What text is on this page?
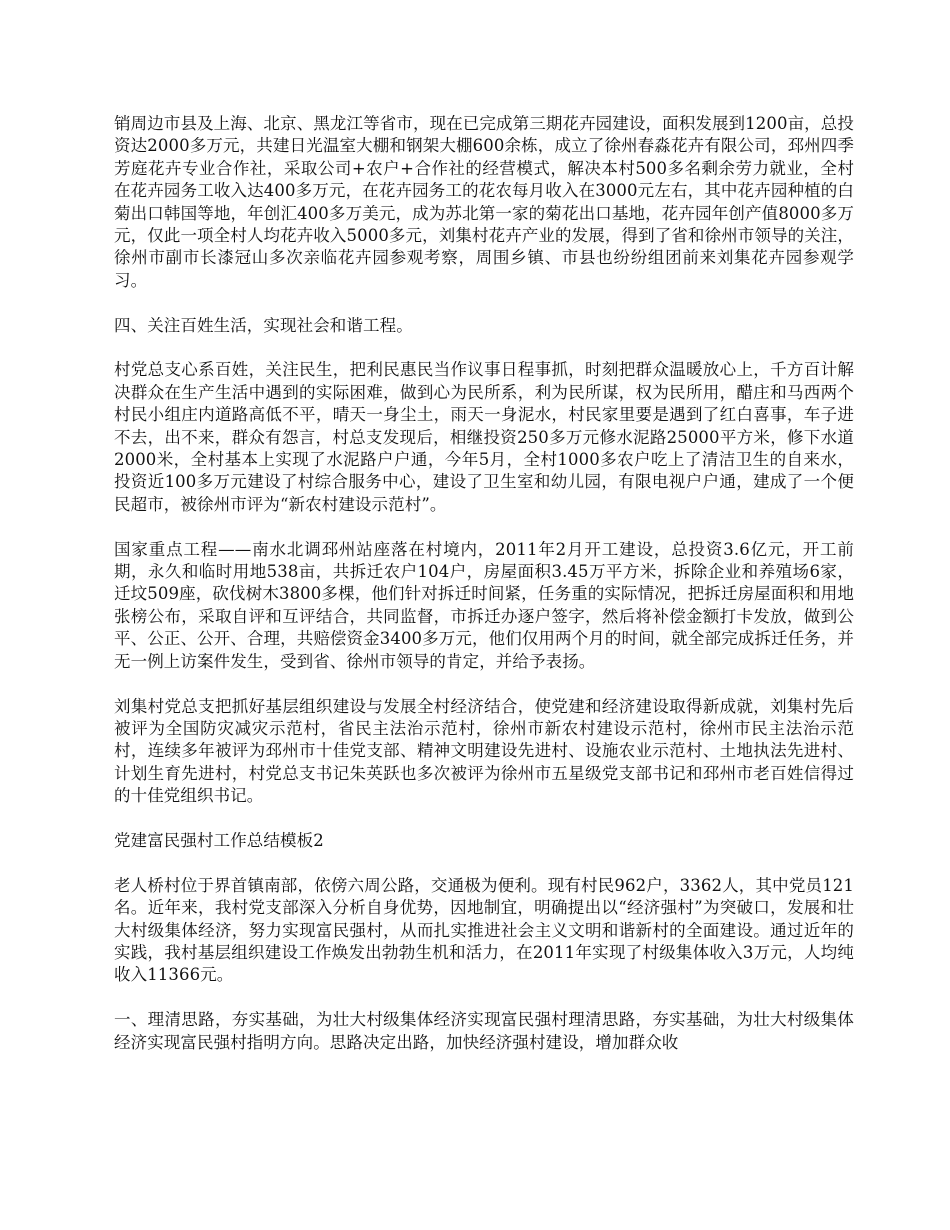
销周边市县及上海、北京、黑龙江等省市，现在已完成第三期花卉园建设，面积发展到1200亩，总投资达2000多万元，共建日光温室大棚和钢架大棚600余栋，成立了徐州春淼花卉有限公司，邳州四季芳庭花卉专业合作社，采取公司+农户+合作社的经营模式，解决本村500多名剩余劳力就业，全村在花卉园务工收入达400多万元，在花卉园务工的花农每月收入在3000元左右，其中花卉园种植的白菊出口韩国等地，年创汇400多万美元，成为苏北第一家的菊花出口基地，花卉园年创产值8000多万元，仅此一项全村人均花卉收入5000多元，刘集村花卉产业的发展，得到了省和徐州市领导的关注，徐州市副市长漆冠山多次亲临花卉园参观考察，周围乡镇、市县也纷纷组团前来刘集花卉园参观学习。

四、关注百姓生活，实现社会和谐工程。

村党总支心系百姓，关注民生，把利民惠民当作议事日程事抓，时刻把群众温暖放心上，千方百计解决群众在生产生活中遇到的实际困难，做到心为民所系，利为民所谋，权为民所用，醋庄和马西两个村民小组庄内道路高低不平，晴天一身尘土，雨天一身泥水，村民家里要是遇到了红白喜事，车子进不去，出不来，群众有怨言，村总支发现后，相继投资250多万元修水泥路25000平方米，修下水道2000米，全村基本上实现了水泥路户户通，今年5月，全村1000多农户吃上了清洁卫生的自来水，投资近100多万元建设了村综合服务中心，建设了卫生室和幼儿园，有限电视户户通，建成了一个便民超市，被徐州市评为“新农村建设示范村”。

国家重点工程——南水北调邳州站座落在村境内，2011年2月开工建设，总投资3.6亿元，开工前期，永久和临时用地538亩，共拆迁农户104户，房屋面积3.45万平方米，拆除企业和养殖场6家，迁坟509座，砍伐树木3800多棵，他们针对拆迁时间紧，任务重的实际情况，把拆迁房屋面积和用地张榜公布，采取自评和互评结合，共同监督，市拆迁办逐户签字，然后将补偿金额打卡发放，做到公平、公正、公开、合理，共赔偿资金3400多万元，他们仅用两个月的时间，就全部完成拆迁任务，并无一例上访案件发生，受到省、徐州市领导的肯定，并给予表扬。

刘集村党总支把抓好基层组织建设与发展全村经济结合，使党建和经济建设取得新成就，刘集村先后被评为全国防灾减灾示范村，省民主法治示范村，徐州市新农村建设示范村，徐州市民主法治示范村，连续多年被评为邳州市十佳党支部、精神文明建设先进村、设施农业示范村、土地执法先进村、计划生育先进村，村党总支书记朱英跃也多次被评为徐州市五星级党支部书记和邳州市老百姓信得过的十佳党组织书记。

党建富民强村工作总结模板2

老人桥村位于界首镇南部，依傍六周公路，交通极为便利。现有村民962户，3362人，其中党员121名。近年来，我村党支部深入分析自身优势，因地制宜，明确提出以“经济强村”为突破口，发展和壮大村级集体经济，努力实现富民强村，从而扎实推进社会主义文明和谐新村的全面建设。通过近年的实践，我村基层组织建设工作焕发出勃勃生机和活力，在2011年实现了村级集体收入3万元，人均纯收入11366元。

一、理清思路，夯实基础，为壮大村级集体经济实现富民强村理清思路，夯实基础，为壮大村级集体经济实现富民强村指明方向。思路决定出路，加快经济强村建设，增加群众收
